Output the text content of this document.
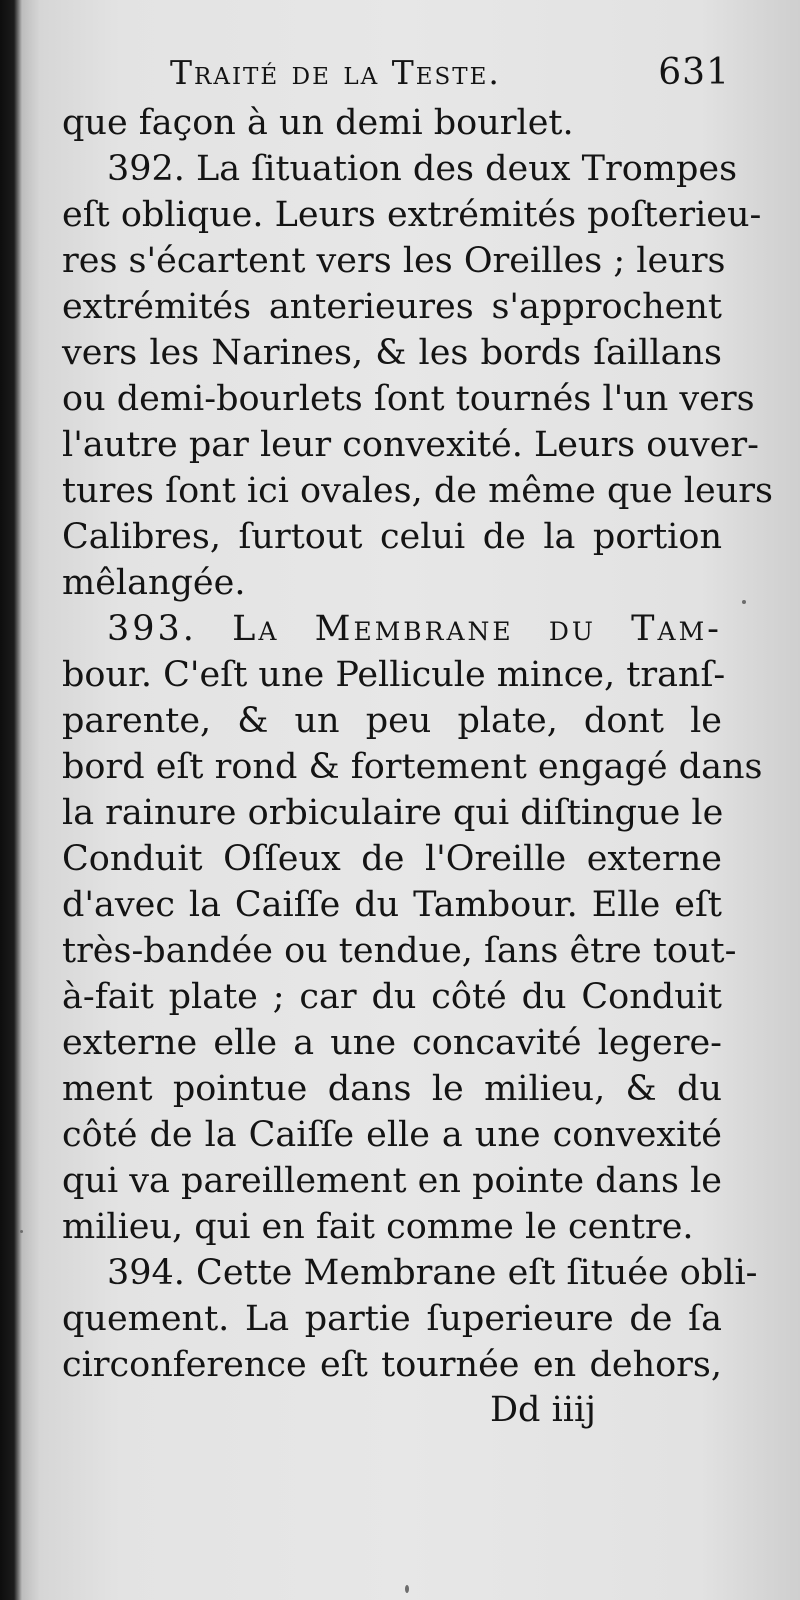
Traité de la Teste.	631
que façon à un demi bourlet.
392. La ſituation des deux Trompes
eſt oblique. Leurs extrémités poſterieu-
res s'écartent vers les Oreilles ; leurs
extrémités anterieures s'approchent
vers les Narines, & les bords ſaillans
ou demi-bourlets ſont tournés l'un vers
l'autre par leur convexité. Leurs ouver-
tures ſont ici ovales, de même que leurs
Calibres, ſurtout celui de la portion
mêlangée.
393. La Membrane du Tam-
bour. C'eſt une Pellicule mince, tranſ-
parente, & un peu plate, dont le
bord eſt rond & fortement engagé dans
la rainure orbiculaire qui diſtingue le
Conduit Oſſeux de l'Oreille externe
d'avec la Caiſſe du Tambour. Elle eſt
très-bandée ou tendue, ſans être tout-
à-fait plate ; car du côté du Conduit
externe elle a une concavité legere-
ment pointue dans le milieu, & du
côté de la Caiſſe elle a une convexité
qui va pareillement en pointe dans le
milieu, qui en fait comme le centre.
394. Cette Membrane eſt ſituée obli-
quement. La partie ſuperieure de ſa
circonference eſt tournée en dehors,
Dd iiij
